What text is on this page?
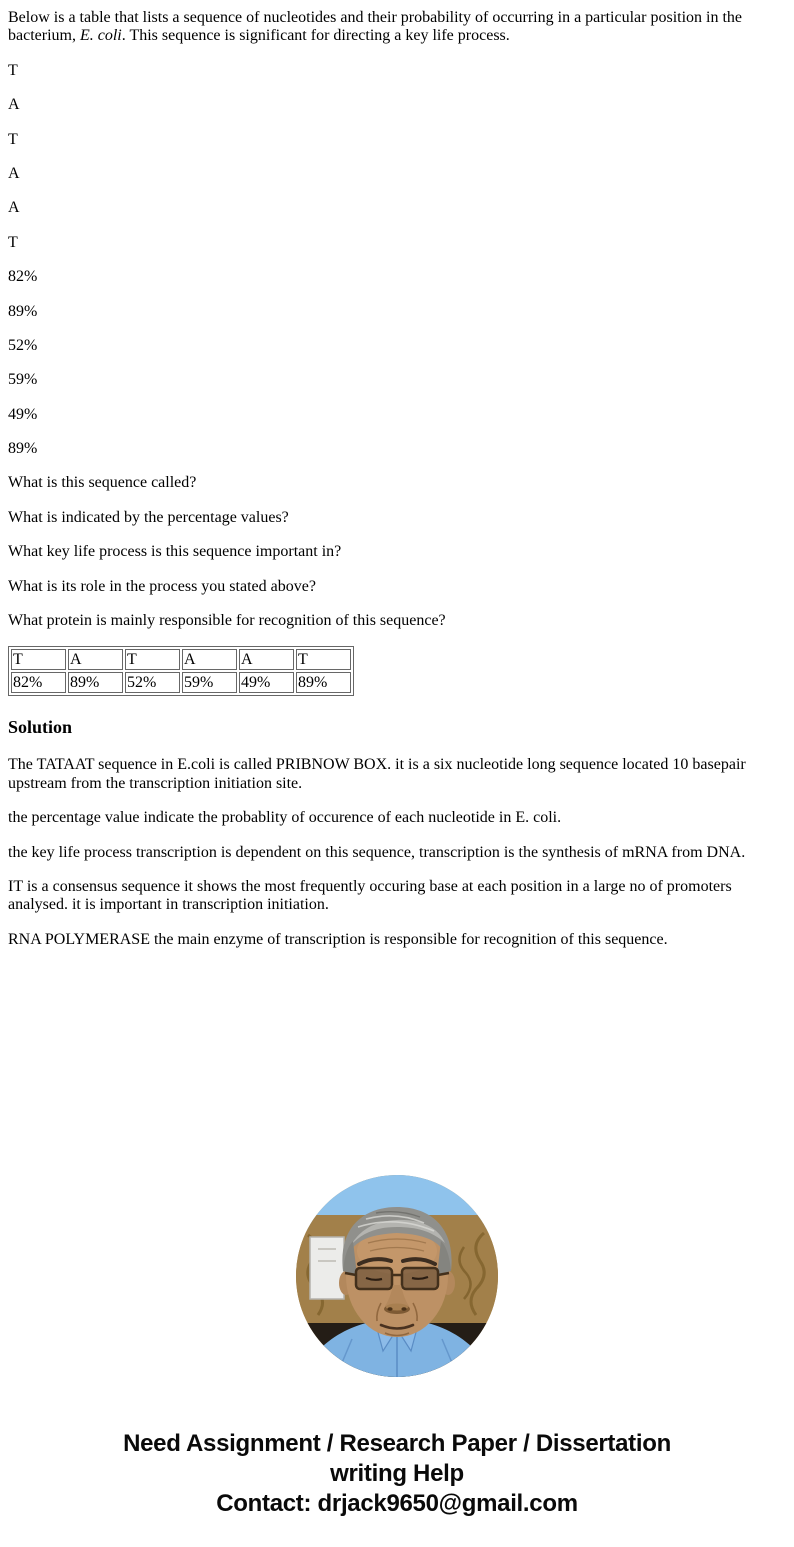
Below is a table that lists a sequence of nucleotides and their probability of occurring in a particular position in the bacterium, E. coli. This sequence is significant for directing a key life process.

T

A

T

A

A

T

82%

89%

52%

59%

49%

89%

What is this sequence called?

What is indicated by the percentage values?

What key life process is this sequence important in?

What is its role in the process you stated above?

What protein is mainly responsible for recognition of this sequence?

T	A	T	A	A	T
82%	89%	52%	59%	49%	89%
Solution

The TATAAT sequence in E.coli is called PRIBNOW BOX. it is a six nucleotide long sequence located 10 basepair upstream from the transcription initiation site.

the percentage value indicate the probablity of occurence of each nucleotide in E. coli.

the key life process transcription is dependent on this sequence, transcription is the synthesis of mRNA from DNA.

IT is a consensus sequence it shows the most frequently occuring base at each position in a large no of promoters analysed. it is important in transcription initiation.

RNA POLYMERASE the main enzyme of transcription is responsible for recognition of this sequence.

Need Assignment / Research Paper / Dissertation
writing Help
Contact: drjack9650@gmail.com
